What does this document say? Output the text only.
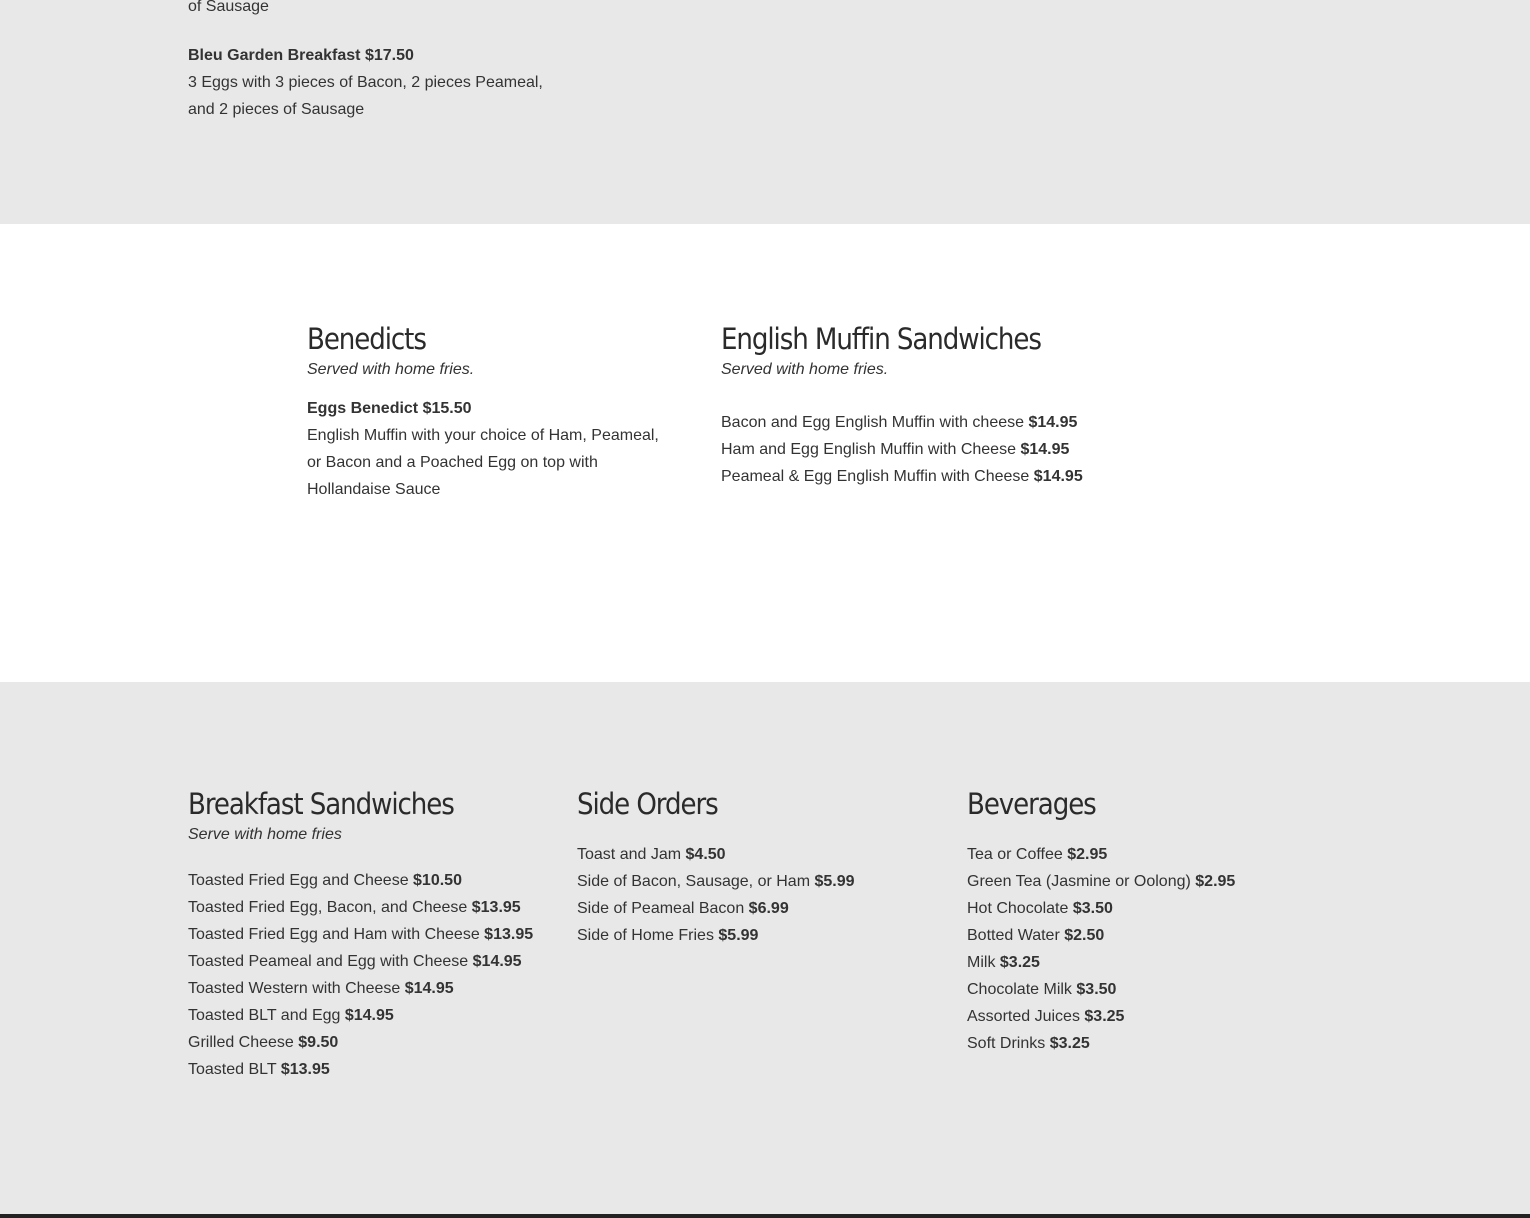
of Sausage

Bleu Garden Breakfast $17.50

3 Eggs with 3 pieces of Bacon, 2 pieces Peameal,

and 2 pieces of Sausage

Benedicts

Served with home fries.

Eggs Benedict $15.50

English Muffin with your choice of Ham, Peameal,

or Bacon and a Poached Egg on top with

Hollandaise Sauce

English Muffin Sandwiches

Served with home fries.

Bacon and Egg English Muffin with cheese $14.95

Ham and Egg English Muffin with Cheese $14.95

Peameal & Egg English Muffin with Cheese $14.95

Breakfast Sandwiches

Serve with home fries

Toasted Fried Egg and Cheese $10.50

Toasted Fried Egg, Bacon, and Cheese $13.95

Toasted Fried Egg and Ham with Cheese $13.95

Toasted Peameal and Egg with Cheese $14.95

Toasted Western with Cheese $14.95

Toasted BLT and Egg $14.95

Grilled Cheese $9.50

Toasted BLT $13.95

Side Orders

Toast and Jam $4.50

Side of Bacon, Sausage, or Ham $5.99

Side of Peameal Bacon $6.99

Side of Home Fries $5.99

Beverages

Tea or Coffee $2.95

Green Tea (Jasmine or Oolong) $2.95

Hot Chocolate $3.50

Botted Water $2.50

Milk $3.25

Chocolate Milk $3.50

Assorted Juices $3.25

Soft Drinks $3.25
